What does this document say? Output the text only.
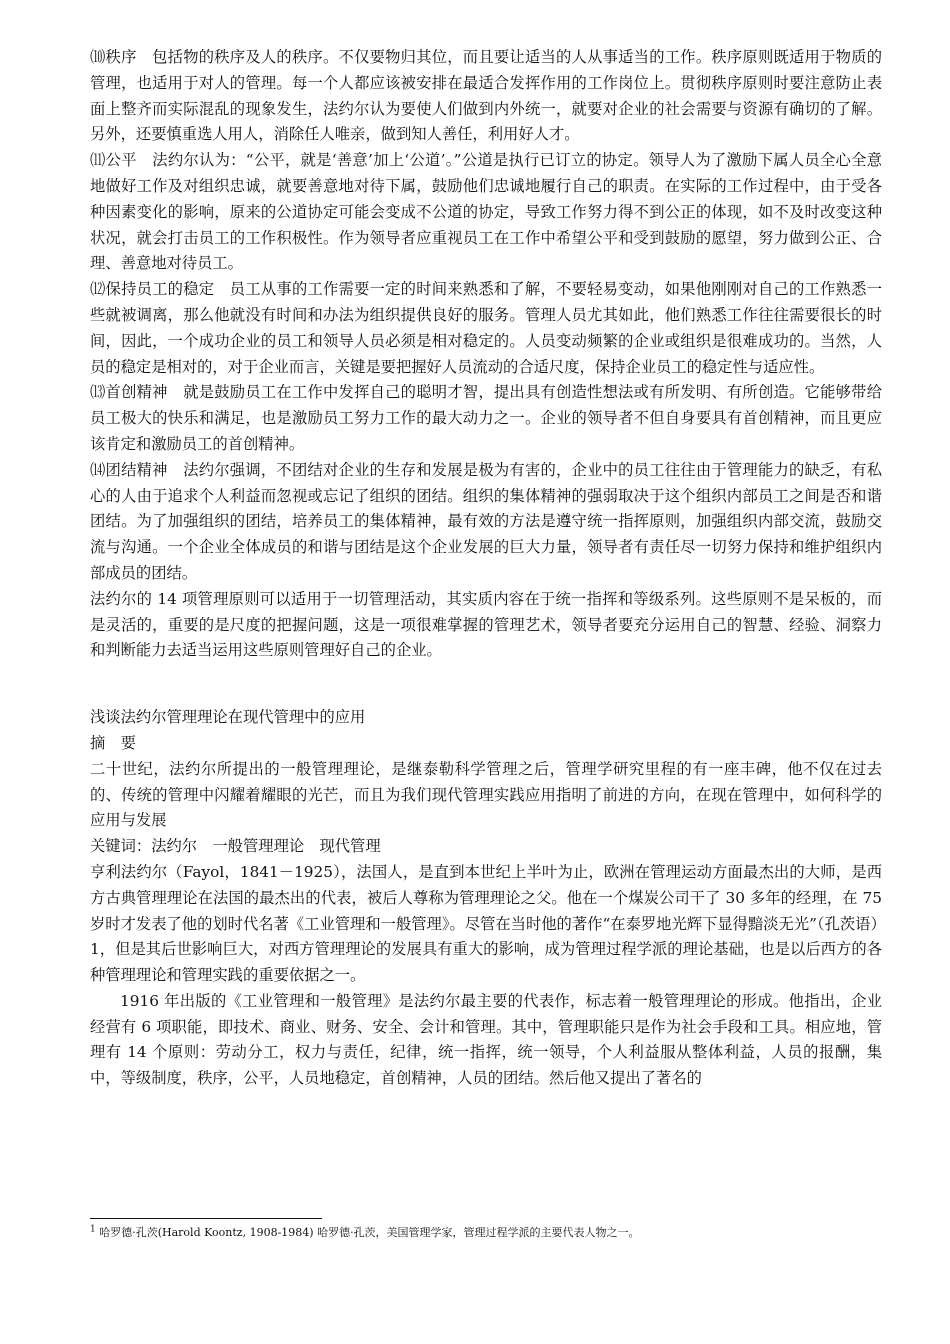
⑽秩序　包括物的秩序及人的秩序。不仅要物归其位，而且要让适当的人从事适当的工作。秩序原则既适用于物质的管理，也适用于对人的管理。每一个人都应该被安排在最适合发挥作用的工作岗位上。贯彻秩序原则时要注意防止表面上整齐而实际混乱的现象发生，法约尔认为要使人们做到内外统一，就要对企业的社会需要与资源有确切的了解。另外，还要慎重选人用人，消除任人唯亲，做到知人善任，利用好人才。

⑾公平　法约尔认为：“公平，就是‘善意’加上‘公道’。”公道是执行已订立的协定。领导人为了激励下属人员全心全意地做好工作及对组织忠诚，就要善意地对待下属，鼓励他们忠诚地履行自己的职责。在实际的工作过程中，由于受各种因素变化的影响，原来的公道协定可能会变成不公道的协定，导致工作努力得不到公正的体现，如不及时改变这种状况，就会打击员工的工作积极性。作为领导者应重视员工在工作中希望公平和受到鼓励的愿望，努力做到公正、合理、善意地对待员工。

⑿保持员工的稳定　员工从事的工作需要一定的时间来熟悉和了解，不要轻易变动，如果他刚刚对自己的工作熟悉一些就被调离，那么他就没有时间和办法为组织提供良好的服务。管理人员尤其如此，他们熟悉工作往往需要很长的时间，因此，一个成功企业的员工和领导人员必须是相对稳定的。人员变动频繁的企业或组织是很难成功的。当然，人员的稳定是相对的，对于企业而言，关键是要把握好人员流动的合适尺度，保持企业员工的稳定性与适应性。

⒀首创精神　就是鼓励员工在工作中发挥自己的聪明才智，提出具有创造性想法或有所发明、有所创造。它能够带给员工极大的快乐和满足，也是激励员工努力工作的最大动力之一。企业的领导者不但自身要具有首创精神，而且更应该肯定和激励员工的首创精神。

⒁团结精神　法约尔强调，不团结对企业的生存和发展是极为有害的，企业中的员工往往由于管理能力的缺乏，有私心的人由于追求个人利益而忽视或忘记了组织的团结。组织的集体精神的强弱取决于这个组织内部员工之间是否和谐团结。为了加强组织的团结，培养员工的集体精神，最有效的方法是遵守统一指挥原则，加强组织内部交流，鼓励交流与沟通。一个企业全体成员的和谐与团结是这个企业发展的巨大力量，领导者有责任尽一切努力保持和维护组织内部成员的团结。

法约尔的 14 项管理原则可以适用于一切管理活动，其实质内容在于统一指挥和等级系列。这些原则不是呆板的，而是灵活的，重要的是尺度的把握问题，这是一项很难掌握的管理艺术，领导者要充分运用自己的智慧、经验、洞察力和判断能力去适当运用这些原则管理好自己的企业。

浅谈法约尔管理理论在现代管理中的应用

摘　要

二十世纪，法约尔所提出的一般管理理论，是继泰勒科学管理之后，管理学研究里程的有一座丰碑，他不仅在过去的、传统的管理中闪耀着耀眼的光芒，而且为我们现代管理实践应用指明了前进的方向，在现在管理中，如何科学的应用与发展

关键词：法约尔　一般管理理论　现代管理

亨利法约尔（Fayol，1841－1925），法国人，是直到本世纪上半叶为止，欧洲在管理运动方面最杰出的大师，是西方古典管理理论在法国的最杰出的代表，被后人尊称为管理理论之父。他在一个煤炭公司干了 30 多年的经理，在 75 岁时才发表了他的划时代名著《工业管理和一般管理》。尽管在当时他的著作“在泰罗地光辉下显得黯淡无光”（孔茨语）1，但是其后世影响巨大，对西方管理理论的发展具有重大的影响，成为管理过程学派的理论基础，也是以后西方的各种管理理论和管理实践的重要依据之一。

1916 年出版的《工业管理和一般管理》是法约尔最主要的代表作，标志着一般管理理论的形成。他指出，企业经营有 6 项职能，即技术、商业、财务、安全、会计和管理。其中，管理职能只是作为社会手段和工具。相应地，管理有 14 个原则：劳动分工，权力与责任，纪律，统一指挥，统一领导，个人利益服从整体利益，人员的报酬，集中，等级制度，秩序，公平，人员地稳定，首创精神，人员的团结。然后他又提出了著名的

$^1$ 哈罗德·孔茨(Harold Koontz, 1908-1984) 哈罗德·孔茨，美国管理学家，管理过程学派的主要代表人物之一。
